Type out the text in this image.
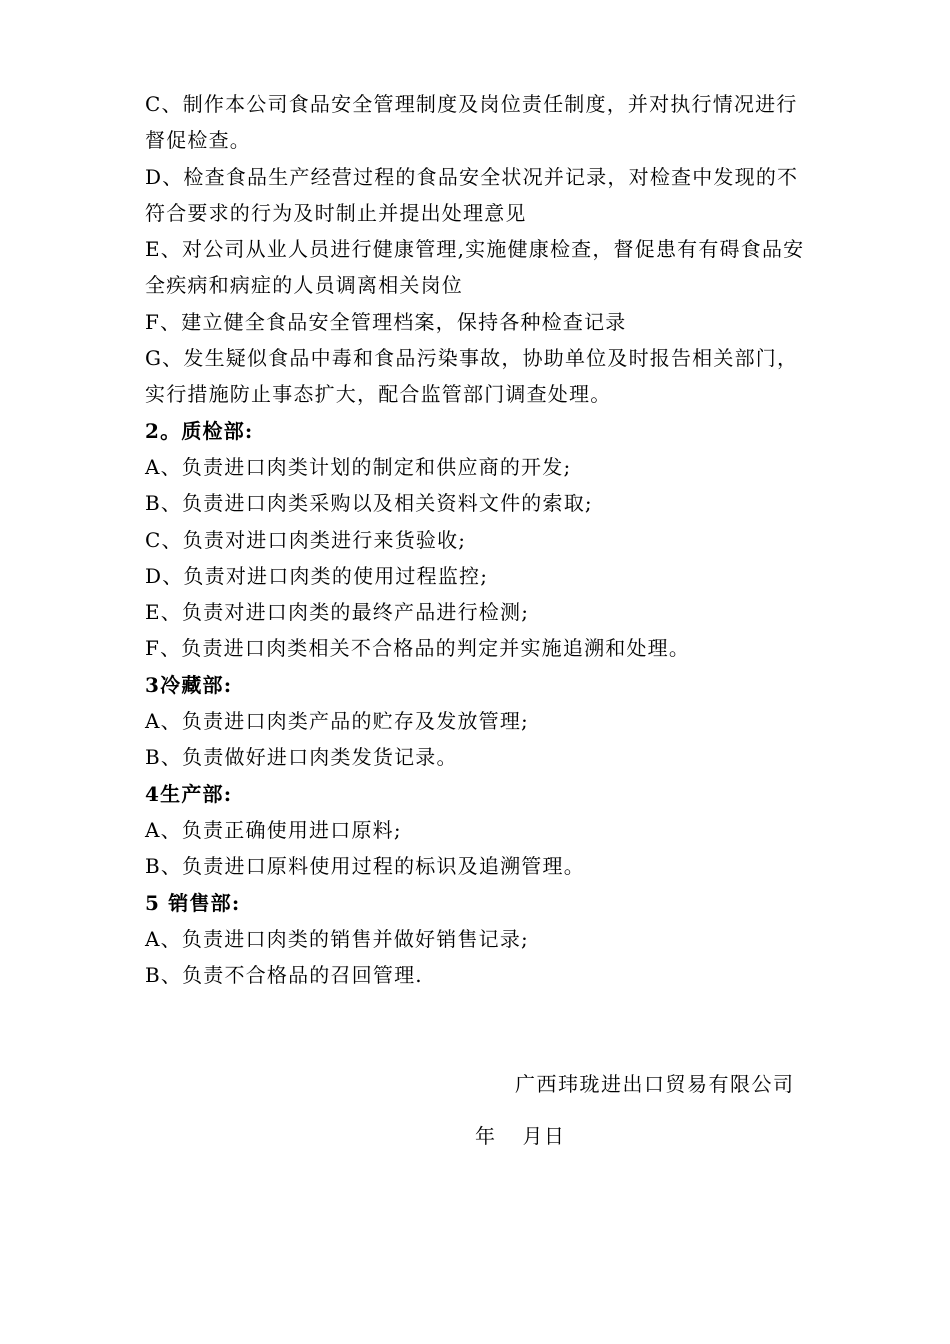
C、制作本公司食品安全管理制度及岗位责任制度，并对执行情况进行
督促检查。
D、检查食品生产经营过程的食品安全状况并记录，对检查中发现的不
符合要求的行为及时制止并提出处理意见
E、对公司从业人员进行健康管理,实施健康检查，督促患有有碍食品安
全疾病和病症的人员调离相关岗位
F、建立健全食品安全管理档案，保持各种检查记录
G、发生疑似食品中毒和食品污染事故，协助单位及时报告相关部门，
实行措施防止事态扩大，配合监管部门调查处理。
2。质检部:
A、负责进口肉类计划的制定和供应商的开发;
B、负责进口肉类采购以及相关资料文件的索取;
C、负责对进口肉类进行来货验收;
D、负责对进口肉类的使用过程监控;
E、负责对进口肉类的最终产品进行检测;
F、负责进口肉类相关不合格品的判定并实施追溯和处理。
3冷藏部:
A、负责进口肉类产品的贮存及发放管理;
B、负责做好进口肉类发货记录。
4生产部:
A、负责正确使用进口原料;
B、负责进口原料使用过程的标识及追溯管理。
5 销售部:
A、负责进口肉类的销售并做好销售记录;
B、负责不合格品的召回管理.
广西玮珑进出口贸易有限公司
年 月日
